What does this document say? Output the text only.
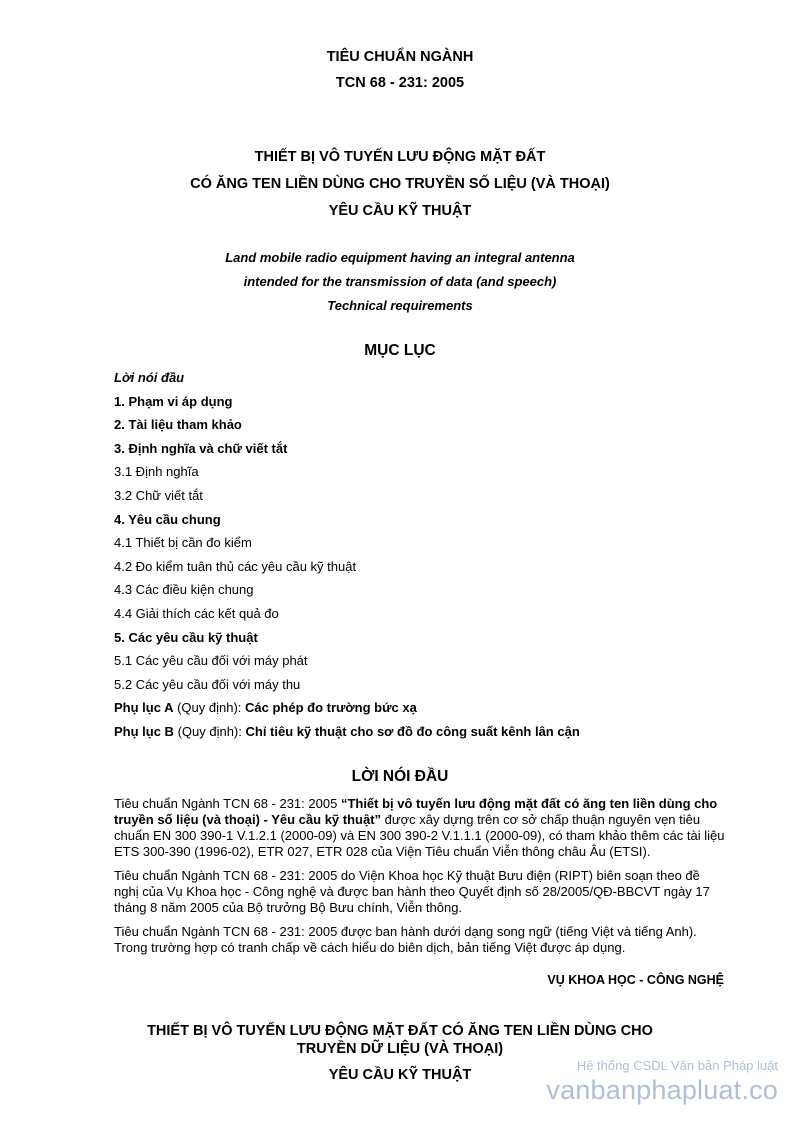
TIÊU CHUẨN NGÀNH
TCN 68 - 231: 2005
THIẾT BỊ VÔ TUYẾN LƯU ĐỘNG MẶT ĐẤT
CÓ ĂNG TEN LIỀN DÙNG CHO TRUYỀN SỐ LIỆU (VÀ THOẠI)
YÊU CẦU KỸ THUẬT
Land mobile radio equipment having an integral antenna
intended for the transmission of data (and speech)
Technical requirements
MỤC LỤC
Lời nói đầu
1. Phạm vi áp dụng
2. Tài liệu tham khảo
3. Định nghĩa và chữ viết tắt
3.1 Định nghĩa
3.2 Chữ viết tắt
4. Yêu cầu chung
4.1 Thiết bị cần đo kiểm
4.2 Đo kiểm tuân thủ các yêu cầu kỹ thuật
4.3 Các điều kiện chung
4.4 Giải thích các kết quả đo
5. Các yêu cầu kỹ thuật
5.1 Các yêu cầu đối với máy phát
5.2 Các yêu cầu đối với máy thu
Phụ lục A (Quy định): Các phép đo trường bức xạ
Phụ lục B (Quy định): Chỉ tiêu kỹ thuật cho sơ đồ đo công suất kênh lân cận
LỜI NÓI ĐẦU

Tiêu chuẩn Ngành TCN 68 - 231: 2005 “Thiết bị vô tuyến lưu động mặt đất có ăng ten liền dùng cho truyền số liệu (và thoại) - Yêu cầu kỹ thuật” được xây dựng trên cơ sở chấp thuận nguyên vẹn tiêu chuẩn EN 300 390-1 V.1.2.1 (2000-09) và EN 300 390-2 V.1.1.1 (2000-09), có tham khảo thêm các tài liệu ETS 300-390 (1996-02), ETR 027, ETR 028 của Viện Tiêu chuẩn Viễn thông châu Âu (ETSI).

Tiêu chuẩn Ngành TCN 68 - 231: 2005 do Viện Khoa học Kỹ thuật Bưu điện (RIPT) biên soạn theo đề nghị của Vụ Khoa học - Công nghệ và được ban hành theo Quyết định số 28/2005/QĐ-BBCVT ngày 17 tháng 8 năm 2005 của Bộ trưởng Bộ Bưu chính, Viễn thông.

Tiêu chuẩn Ngành TCN 68 - 231: 2005 được ban hành dưới dạng song ngữ (tiếng Việt và tiếng Anh). Trong trường hợp có tranh chấp về cách hiểu do biên dịch, bản tiếng Việt được áp dụng.

VỤ KHOA HỌC - CÔNG NGHỆ
THIẾT BỊ VÔ TUYẾN LƯU ĐỘNG MẶT ĐẤT CÓ ĂNG TEN LIỀN DÙNG CHO
TRUYỀN DỮ LIỆU (VÀ THOẠI)
YÊU CẦU KỸ THUẬT
Hệ thống CSDL Văn bản Pháp luật
vanbanphapluat.co
